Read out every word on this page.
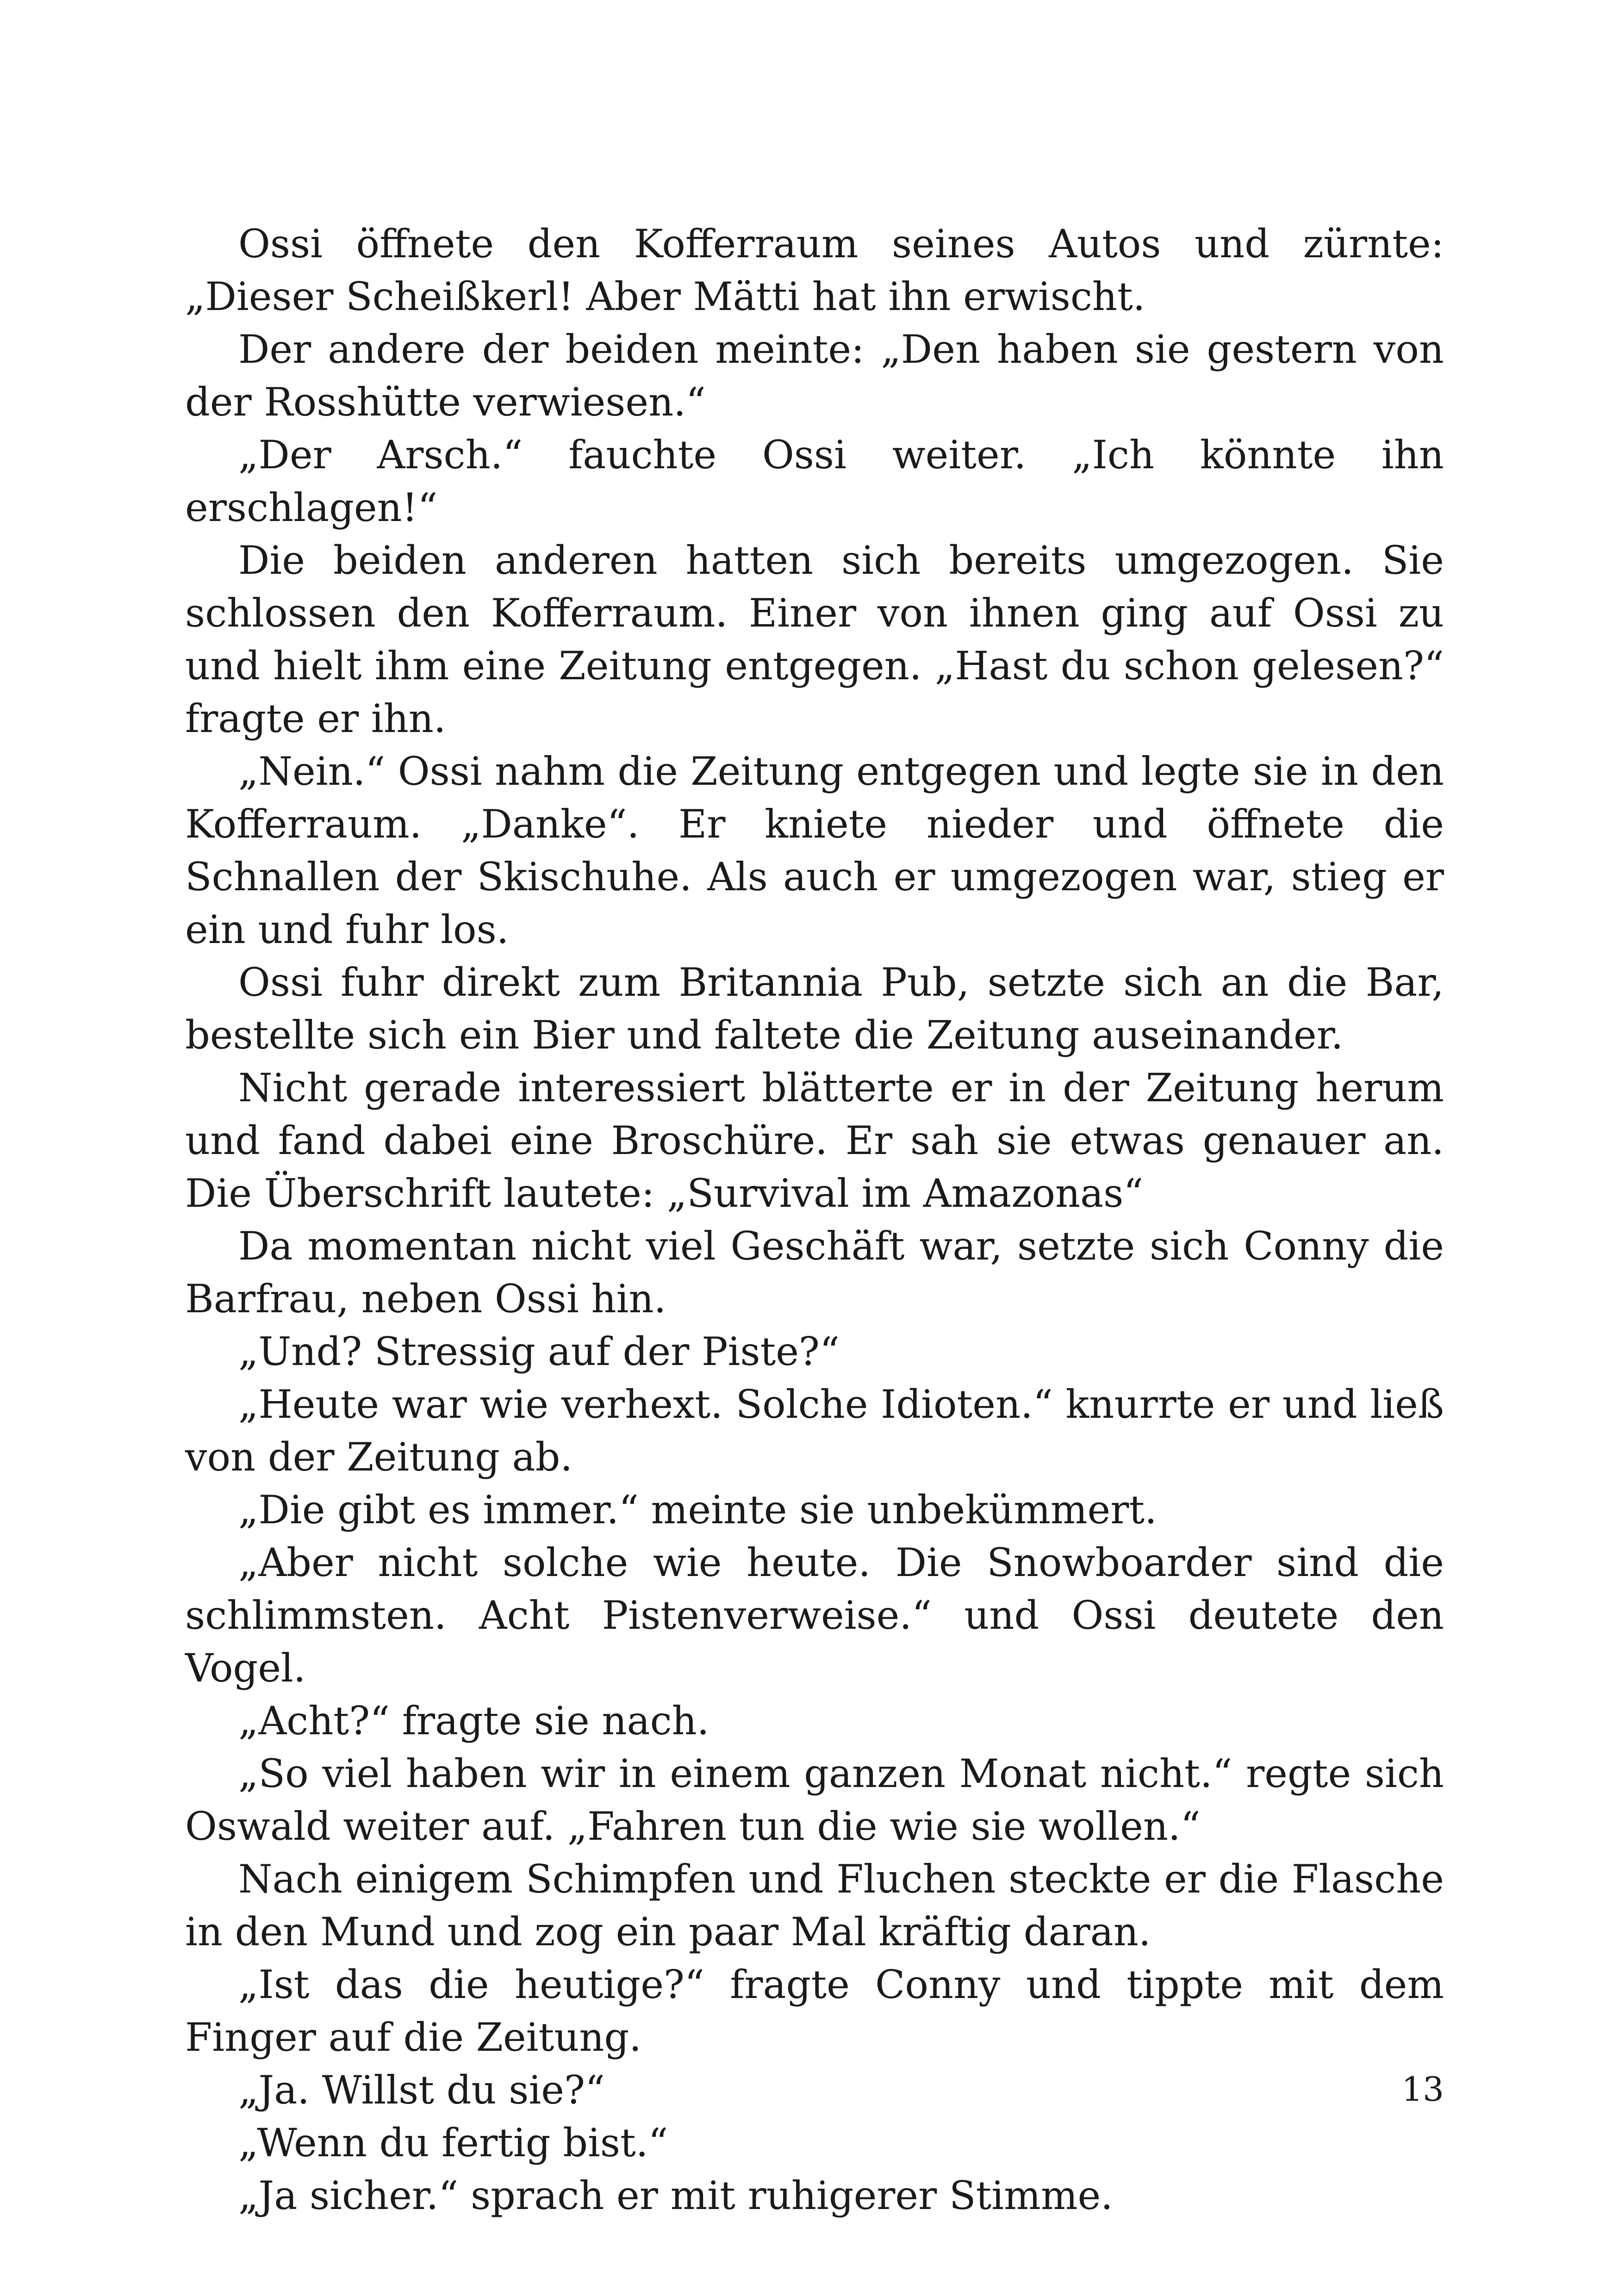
Ossi öffnete den Kofferraum seines Autos und zürnte: „Dieser Scheißkerl! Aber Mätti hat ihn erwischt.

Der andere der beiden meinte: „Den haben sie gestern von der Rosshütte verwiesen.“

„Der Arsch.“ fauchte Ossi weiter. „Ich könnte ihn erschlagen!“

Die beiden anderen hatten sich bereits umgezogen. Sie schlossen den Kofferraum. Einer von ihnen ging auf Ossi zu und hielt ihm eine Zeitung entgegen. „Hast du schon gelesen?“ fragte er ihn.

„Nein.“ Ossi nahm die Zeitung entgegen und legte sie in den Kofferraum. „Danke“. Er kniete nieder und öffnete die Schnallen der Skischuhe. Als auch er umgezogen war, stieg er ein und fuhr los.

Ossi fuhr direkt zum Britannia Pub, setzte sich an die Bar, bestellte sich ein Bier und faltete die Zeitung auseinander.

Nicht gerade interessiert blätterte er in der Zeitung herum und fand dabei eine Broschüre. Er sah sie etwas genauer an. Die Überschrift lautete: „Survival im Amazonas“

Da momentan nicht viel Geschäft war, setzte sich Conny die Barfrau, neben Ossi hin.

„Und? Stressig auf der Piste?“

„Heute war wie verhext. Solche Idioten.“ knurrte er und ließ von der Zeitung ab.

„Die gibt es immer.“ meinte sie unbekümmert.

„Aber nicht solche wie heute. Die Snowboarder sind die schlimmsten. Acht Pistenverweise.“ und Ossi deutete den Vogel.

„Acht?“ fragte sie nach.

„So viel haben wir in einem ganzen Monat nicht.“ regte sich Oswald weiter auf. „Fahren tun die wie sie wollen.“

Nach einigem Schimpfen und Fluchen steckte er die Flasche in den Mund und zog ein paar Mal kräftig daran.

„Ist das die heutige?“ fragte Conny und tippte mit dem Finger auf die Zeitung.

„Ja. Willst du sie?“

„Wenn du fertig bist.“

„Ja sicher.“ sprach er mit ruhigerer Stimme.

13
